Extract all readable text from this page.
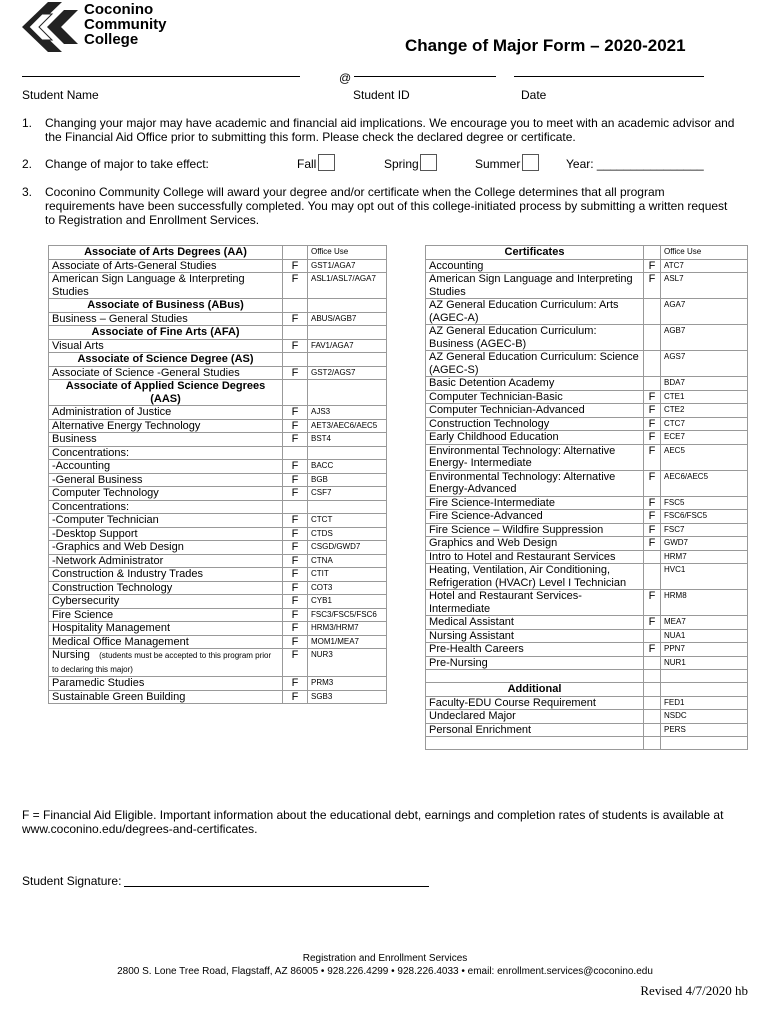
Coconino
Community
College	Change of Major Form – 2020-2021
@
Student Name	Student ID	Date
1. Changing your major may have academic and financial aid implications. We encourage you to meet with an academic advisor and the Financial Aid Office prior to submitting this form. Please check the declared degree or certificate.
2. Change of major to take effect:	Fall	Spring	Summer	Year: ________________
3. Coconino Community College will award your degree and/or certificate when the College determines that all program requirements have been successfully completed. You may opt out of this college-initiated process by submitting a written request to Registration and Enrollment Services.
Associate of Arts Degrees (AA)		Office Use
Associate of Arts-General Studies	F	GST1/AGA7
American Sign Language & Interpreting Studies	F	ASL1/ASL7/AGA7
Associate of Business (ABus)		
Business – General Studies	F	ABUS/AGB7
Associate of Fine Arts (AFA)		
Visual Arts	F	FAV1/AGA7
Associate of Science Degree (AS)		
Associate of Science -General Studies	F	GST2/AGS7
Associate of Applied Science Degrees (AAS)		
Administration of Justice	F	AJS3
Alternative Energy Technology	F	AET3/AEC6/AEC5
Business	F	BST4
Concentrations:		
-Accounting	F	BACC
-General Business	F	BGB
Computer Technology	F	CSF7
Concentrations:		
-Computer Technician	F	CTCT
-Desktop Support	F	CTDS
-Graphics and Web Design	F	CSGD/GWD7
-Network Administrator	F	CTNA
Construction & Industry Trades	F	CTIT
Construction Technology	F	COT3
Cybersecurity	F	CYB1
Fire Science	F	FSC3/FSC5/FSC6
Hospitality Management	F	HRM3/HRM7
Medical Office Management	F	MOM1/MEA7
Nursing (students must be accepted to this program prior to declaring this major)	F	NUR3
Paramedic Studies	F	PRM3
Sustainable Green Building	F	SGB3
Certificates		Office Use
Accounting	F	ATC7
American Sign Language and Interpreting Studies	F	ASL7
AZ General Education Curriculum: Arts (AGEC-A)		AGA7
AZ General Education Curriculum: Business (AGEC-B)		AGB7
AZ General Education Curriculum: Science (AGEC-S)		AGS7
Basic Detention Academy		BDA7
Computer Technician-Basic	F	CTE1
Computer Technician-Advanced	F	CTE2
Construction Technology	F	CTC7
Early Childhood Education	F	ECE7
Environmental Technology: Alternative Energy- Intermediate	F	AEC5
Environmental Technology: Alternative Energy-Advanced	F	AEC6/AEC5
Fire Science-Intermediate	F	FSC5
Fire Science-Advanced	F	FSC6/FSC5
Fire Science – Wildfire Suppression	F	FSC7
Graphics and Web Design	F	GWD7
Intro to Hotel and Restaurant Services		HRM7
Heating, Ventilation, Air Conditioning, Refrigeration (HVACr) Level I Technician		HVC1
Hotel and Restaurant Services- Intermediate	F	HRM8
Medical Assistant	F	MEA7
Nursing Assistant		NUA1
Pre-Health Careers	F	PPN7
Pre-Nursing		NUR1

Additional		
Faculty-EDU Course Requirement		FED1
Undeclared Major		NSDC
Personal Enrichment		PERS

F = Financial Aid Eligible. Important information about the educational debt, earnings and completion rates of students is available at www.coconino.edu/degrees-and-certificates.
Student Signature:
Registration and Enrollment Services
2800 S. Lone Tree Road, Flagstaff, AZ 86005 • 928.226.4299 • 928.226.4033 • email: enrollment.services@coconino.edu
Revised 4/7/2020 hb
